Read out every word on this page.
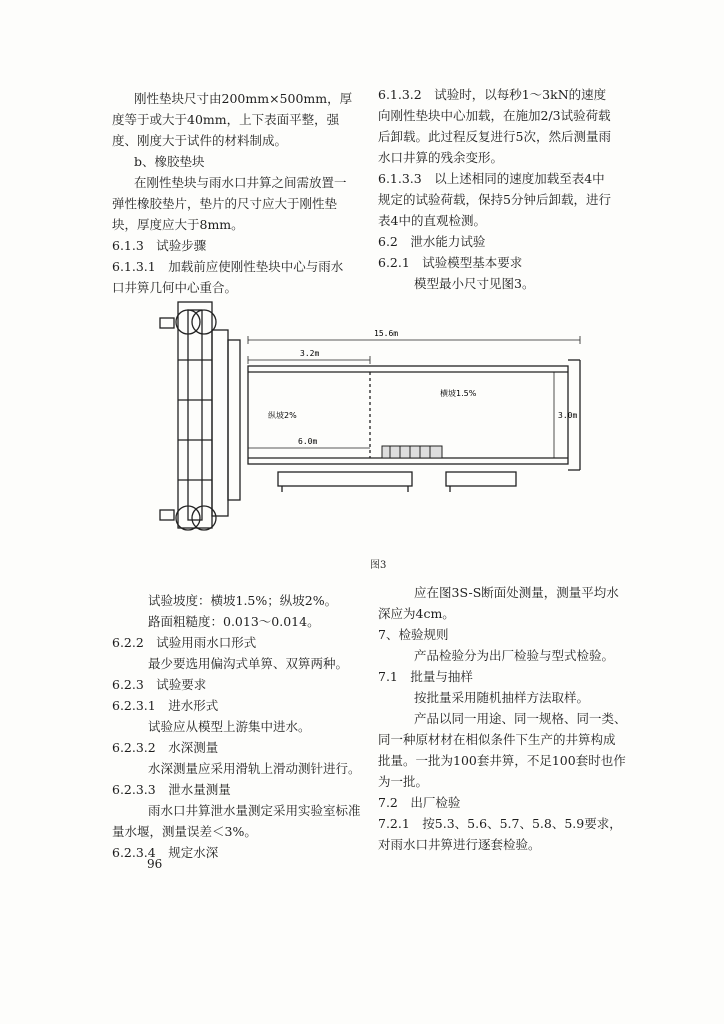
刚性垫块尺寸由200mm×500mm，厚

度等于或大于40mm，上下表面平整，强

度、刚度大于试件的材料制成。

b、橡胶垫块

在刚性垫块与雨水口井算之间需放置一

弹性橡胶垫片，垫片的尺寸应大于刚性垫

块，厚度应大于8mm。

6.1.3　试验步骤

6.1.3.1　加载前应使刚性垫块中心与雨水

口井箅几何中心重合。

6.1.3.2　试验时，以每秒1～3kN的速度

向刚性垫块中心加载，在施加2/3试验荷载

后卸载。此过程反复进行5次，然后测量雨

水口井算的残余变形。

6.1.3.3　以上述相同的速度加载至表4中

规定的试验荷载，保持5分钟后卸载，进行

表4中的直观检测。

6.2　泄水能力试验

6.2.1　试验模型基本要求

模型最小尺寸见图3。

15.6m
3.2m
6.0m
3.0m
纵坡2%
横坡1.5%
图3

试验坡度：横坡1.5%；纵坡2%。

路面粗糙度：0.013～0.014。

6.2.2　试验用雨水口形式

最少要选用偏沟式单箅、双箅两种。

6.2.3　试验要求

6.2.3.1　进水形式

试验应从模型上游集中进水。

6.2.3.2　水深测量

水深测量应采用滑轨上滑动测针进行。

6.2.3.3　泄水量测量

雨水口井算泄水量测定采用实验室标准

量水堰，测量误差＜3%。

6.2.3.4　规定水深

应在图3S-S断面处测量，测量平均水

深应为4cm。

7、检验规则

产品检验分为出厂检验与型式检验。

7.1　批量与抽样

按批量采用随机抽样方法取样。

产品以同一用途、同一规格、同一类、

同一种原材材在相似条件下生产的井箅构成

批量。一批为100套井箅，不足100套时也作

为一批。

7.2　出厂检验

7.2.1　按5.3、5.6、5.7、5.8、5.9要求，

对雨水口井箅进行逐套检验。

96
